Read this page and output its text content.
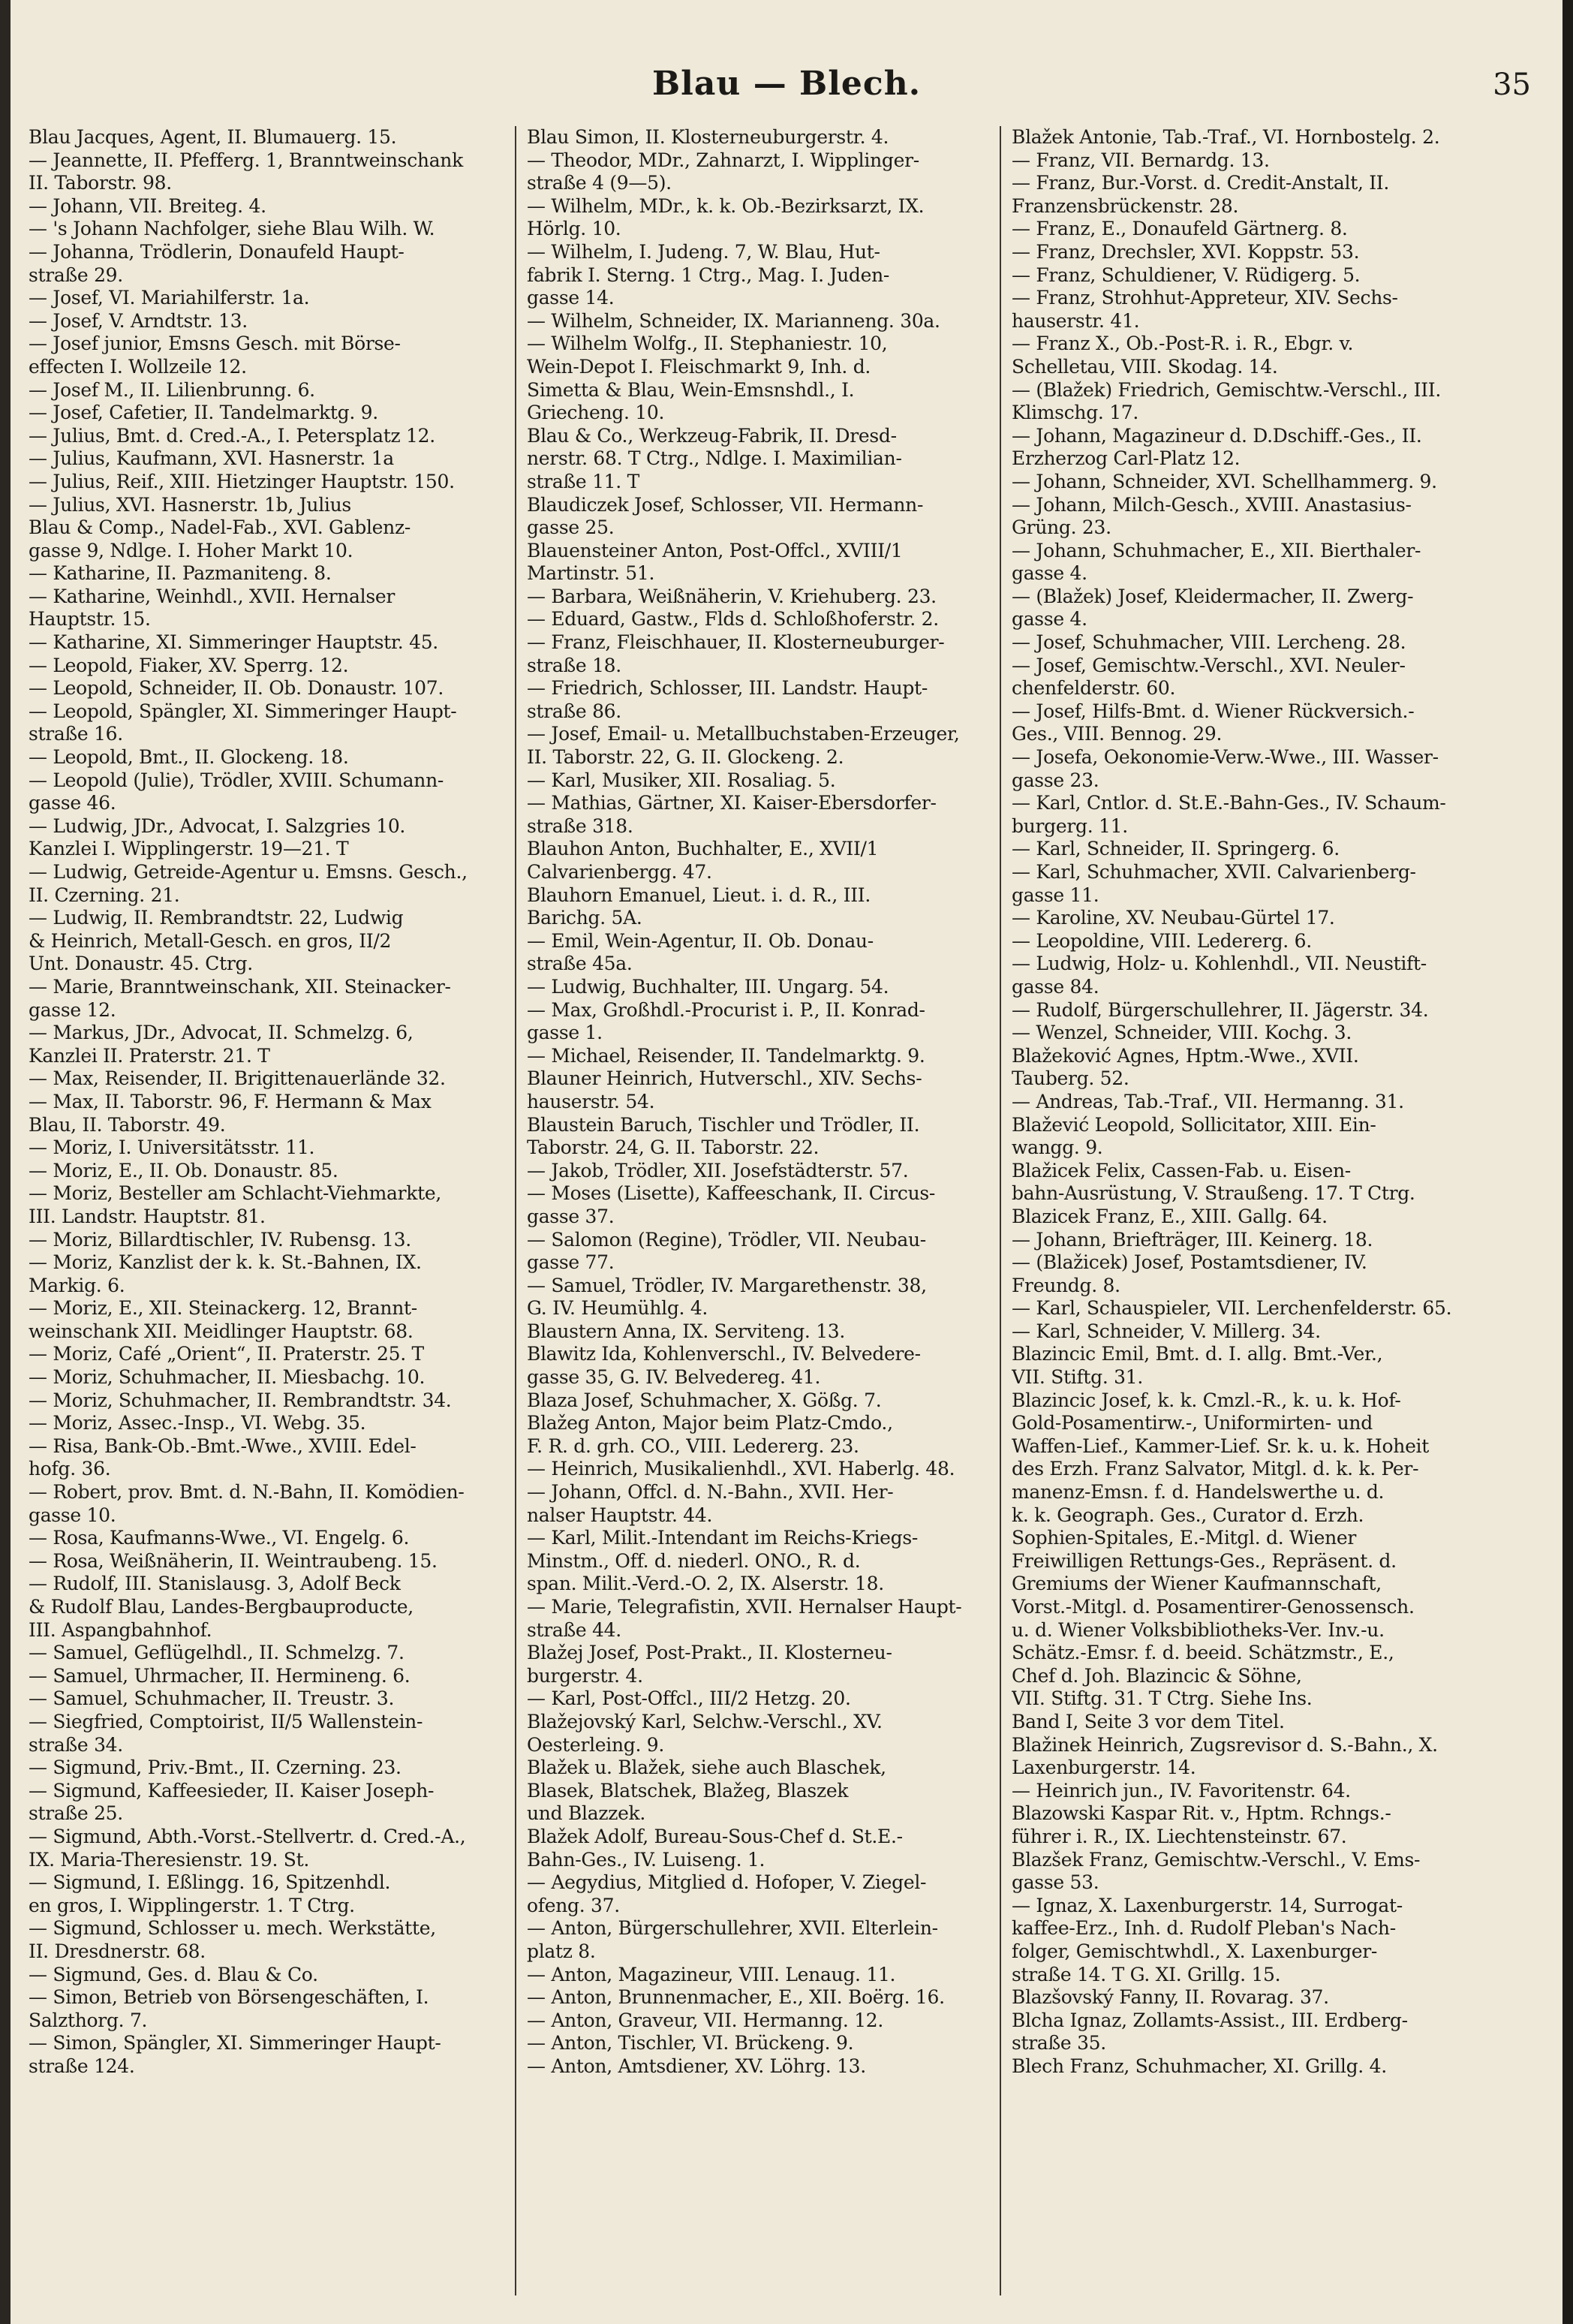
Blau — Blech.	35
Blau Jacques, Agent, II. Blumauerg. 15.
— Jeannette, II. Pfefferg. 1, Branntweinschank
II. Taborstr. 98.
— Johann, VII. Breiteg. 4.
— 's Johann Nachfolger, siehe Blau Wilh. W.
— Johanna, Trödlerin, Donaufeld Haupt-
straße 29.
— Josef, VI. Mariahilferstr. 1a.
— Josef, V. Arndtstr. 13.
— Josef junior, Emsns Gesch. mit Börse-
effecten I. Wollzeile 12.
— Josef M., II. Lilienbrunng. 6.
— Josef, Cafetier, II. Tandelmarktg. 9.
— Julius, Bmt. d. Cred.-A., I. Petersplatz 12.
— Julius, Kaufmann, XVI. Hasnerstr. 1a
— Julius, Reif., XIII. Hietzinger Hauptstr. 150.
— Julius, XVI. Hasnerstr. 1b, Julius
Blau & Comp., Nadel-Fab., XVI. Gablenz-
gasse 9, Ndlge. I. Hoher Markt 10.
— Katharine, II. Pazmaniteng. 8.
— Katharine, Weinhdl., XVII. Hernalser
Hauptstr. 15.
— Katharine, XI. Simmeringer Hauptstr. 45.
— Leopold, Fiaker, XV. Sperrg. 12.
— Leopold, Schneider, II. Ob. Donaustr. 107.
— Leopold, Spängler, XI. Simmeringer Haupt-
straße 16.
— Leopold, Bmt., II. Glockeng. 18.
— Leopold (Julie), Trödler, XVIII. Schumann-
gasse 46.
— Ludwig, JDr., Advocat, I. Salzgries 10.
Kanzlei I. Wipplingerstr. 19—21. T
— Ludwig, Getreide-Agentur u. Emsns. Gesch.,
II. Czerning. 21.
— Ludwig, II. Rembrandtstr. 22, Ludwig
& Heinrich, Metall-Gesch. en gros, II/2
Unt. Donaustr. 45. Ctrg.
— Marie, Branntweinschank, XII. Steinacker-
gasse 12.
— Markus, JDr., Advocat, II. Schmelzg. 6,
Kanzlei II. Praterstr. 21. T
— Max, Reisender, II. Brigittenauerlände 32.
— Max, II. Taborstr. 96, F. Hermann & Max
Blau, II. Taborstr. 49.
— Moriz, I. Universitätsstr. 11.
— Moriz, E., II. Ob. Donaustr. 85.
— Moriz, Besteller am Schlacht-Viehmarkte,
III. Landstr. Hauptstr. 81.
— Moriz, Billardtischler, IV. Rubensg. 13.
— Moriz, Kanzlist der k. k. St.-Bahnen, IX.
Markig. 6.
— Moriz, E., XII. Steinackerg. 12, Brannt-
weinschank XII. Meidlinger Hauptstr. 68.
— Moriz, Café „Orient“, II. Praterstr. 25. T
— Moriz, Schuhmacher, II. Miesbachg. 10.
— Moriz, Schuhmacher, II. Rembrandtstr. 34.
— Moriz, Assec.-Insp., VI. Webg. 35.
— Risa, Bank-Ob.-Bmt.-Wwe., XVIII. Edel-
hofg. 36.
— Robert, prov. Bmt. d. N.-Bahn, II. Komödien-
gasse 10.
— Rosa, Kaufmanns-Wwe., VI. Engelg. 6.
— Rosa, Weißnäherin, II. Weintraubeng. 15.
— Rudolf, III. Stanislausg. 3, Adolf Beck
& Rudolf Blau, Landes-Bergbauproducte,
III. Aspangbahnhof.
— Samuel, Geflügelhdl., II. Schmelzg. 7.
— Samuel, Uhrmacher, II. Hermineng. 6.
— Samuel, Schuhmacher, II. Treustr. 3.
— Siegfried, Comptoirist, II/5 Wallenstein-
straße 34.
— Sigmund, Priv.-Bmt., II. Czerning. 23.
— Sigmund, Kaffeesieder, II. Kaiser Joseph-
straße 25.
— Sigmund, Abth.-Vorst.-Stellvertr. d. Cred.-A.,
IX. Maria-Theresienstr. 19. St.
— Sigmund, I. Eßlingg. 16, Spitzenhdl.
en gros, I. Wipplingerstr. 1. T Ctrg.
— Sigmund, Schlosser u. mech. Werkstätte,
II. Dresdnerstr. 68.
— Sigmund, Ges. d. Blau & Co.
— Simon, Betrieb von Börsengeschäften, I.
Salzthorg. 7.
— Simon, Spängler, XI. Simmeringer Haupt-
straße 124.
Blau Simon, II. Klosterneuburgerstr. 4.
— Theodor, MDr., Zahnarzt, I. Wipplinger-
straße 4 (9—5).
— Wilhelm, MDr., k. k. Ob.-Bezirksarzt, IX.
Hörlg. 10.
— Wilhelm, I. Judeng. 7, W. Blau, Hut-
fabrik I. Sterng. 1 Ctrg., Mag. I. Juden-
gasse 14.
— Wilhelm, Schneider, IX. Marianneng. 30a.
— Wilhelm Wolfg., II. Stephaniestr. 10,
Wein-Depot I. Fleischmarkt 9, Inh. d.
Simetta & Blau, Wein-Emsnshdl., I.
Griecheng. 10.
Blau & Co., Werkzeug-Fabrik, II. Dresd-
nerstr. 68. T Ctrg., Ndlge. I. Maximilian-
straße 11. T
Blaudiczek Josef, Schlosser, VII. Hermann-
gasse 25.
Blauensteiner Anton, Post-Offcl., XVIII/1
Martinstr. 51.
— Barbara, Weißnäherin, V. Kriehuberg. 23.
— Eduard, Gastw., Flds d. Schloßhoferstr. 2.
— Franz, Fleischhauer, II. Klosterneuburger-
straße 18.
— Friedrich, Schlosser, III. Landstr. Haupt-
straße 86.
— Josef, Email- u. Metallbuchstaben-Erzeuger,
II. Taborstr. 22, G. II. Glockeng. 2.
— Karl, Musiker, XII. Rosaliag. 5.
— Mathias, Gärtner, XI. Kaiser-Ebersdorfer-
straße 318.
Blauhon Anton, Buchhalter, E., XVII/1
Calvarienbergg. 47.
Blauhorn Emanuel, Lieut. i. d. R., III.
Barichg. 5A.
— Emil, Wein-Agentur, II. Ob. Donau-
straße 45a.
— Ludwig, Buchhalter, III. Ungarg. 54.
— Max, Großhdl.-Procurist i. P., II. Konrad-
gasse 1.
— Michael, Reisender, II. Tandelmarktg. 9.
Blauner Heinrich, Hutverschl., XIV. Sechs-
hauserstr. 54.
Blaustein Baruch, Tischler und Trödler, II.
Taborstr. 24, G. II. Taborstr. 22.
— Jakob, Trödler, XII. Josefstädterstr. 57.
— Moses (Lisette), Kaffeeschank, II. Circus-
gasse 37.
— Salomon (Regine), Trödler, VII. Neubau-
gasse 77.
— Samuel, Trödler, IV. Margarethenstr. 38,
G. IV. Heumühlg. 4.
Blaustern Anna, IX. Serviteng. 13.
Blawitz Ida, Kohlenverschl., IV. Belvedere-
gasse 35, G. IV. Belvedereg. 41.
Blaza Josef, Schuhmacher, X. Gößg. 7.
Blažeg Anton, Major beim Platz-Cmdo.,
F. R. d. grh. CO., VIII. Ledererg. 23.
— Heinrich, Musikalienhdl., XVI. Haberlg. 48.
— Johann, Offcl. d. N.-Bahn., XVII. Her-
nalser Hauptstr. 44.
— Karl, Milit.-Intendant im Reichs-Kriegs-
Minstm., Off. d. niederl. ONO., R. d.
span. Milit.-Verd.-O. 2, IX. Alserstr. 18.
— Marie, Telegrafistin, XVII. Hernalser Haupt-
straße 44.
Blažej Josef, Post-Prakt., II. Klosterneu-
burgerstr. 4.
— Karl, Post-Offcl., III/2 Hetzg. 20.
Blažejovský Karl, Selchw.-Verschl., XV.
Oesterleing. 9.
Blažek u. Blažek, siehe auch Blaschek,
Blasek, Blatschek, Blažeg, Blaszek
und Blazzek.
Blažek Adolf, Bureau-Sous-Chef d. St.E.-
Bahn-Ges., IV. Luiseng. 1.
— Aegydius, Mitglied d. Hofoper, V. Ziegel-
ofeng. 37.
— Anton, Bürgerschullehrer, XVII. Elterlein-
platz 8.
— Anton, Magazineur, VIII. Lenaug. 11.
— Anton, Brunnenmacher, E., XII. Boërg. 16.
— Anton, Graveur, VII. Hermanng. 12.
— Anton, Tischler, VI. Brückeng. 9.
— Anton, Amtsdiener, XV. Löhrg. 13.
Blažek Antonie, Tab.-Traf., VI. Hornbostelg. 2.
— Franz, VII. Bernardg. 13.
— Franz, Bur.-Vorst. d. Credit-Anstalt, II.
Franzensbrückenstr. 28.
— Franz, E., Donaufeld Gärtnerg. 8.
— Franz, Drechsler, XVI. Koppstr. 53.
— Franz, Schuldiener, V. Rüdigerg. 5.
— Franz, Strohhut-Appreteur, XIV. Sechs-
hauserstr. 41.
— Franz X., Ob.-Post-R. i. R., Ebgr. v.
Schelletau, VIII. Skodag. 14.
— (Blažek) Friedrich, Gemischtw.-Verschl., III.
Klimschg. 17.
— Johann, Magazineur d. D.Dschiff.-Ges., II.
Erzherzog Carl-Platz 12.
— Johann, Schneider, XVI. Schellhammerg. 9.
— Johann, Milch-Gesch., XVIII. Anastasius-
Grüng. 23.
— Johann, Schuhmacher, E., XII. Bierthaler-
gasse 4.
— (Blažek) Josef, Kleidermacher, II. Zwerg-
gasse 4.
— Josef, Schuhmacher, VIII. Lercheng. 28.
— Josef, Gemischtw.-Verschl., XVI. Neuler-
chenfelderstr. 60.
— Josef, Hilfs-Bmt. d. Wiener Rückversich.-
Ges., VIII. Bennog. 29.
— Josefa, Oekonomie-Verw.-Wwe., III. Wasser-
gasse 23.
— Karl, Cntlor. d. St.E.-Bahn-Ges., IV. Schaum-
burgerg. 11.
— Karl, Schneider, II. Springerg. 6.
— Karl, Schuhmacher, XVII. Calvarienberg-
gasse 11.
— Karoline, XV. Neubau-Gürtel 17.
— Leopoldine, VIII. Ledererg. 6.
— Ludwig, Holz- u. Kohlenhdl., VII. Neustift-
gasse 84.
— Rudolf, Bürgerschullehrer, II. Jägerstr. 34.
— Wenzel, Schneider, VIII. Kochg. 3.
Blažeković Agnes, Hptm.-Wwe., XVII.
Tauberg. 52.
— Andreas, Tab.-Traf., VII. Hermanng. 31.
Blažević Leopold, Sollicitator, XIII. Ein-
wangg. 9.
Blažicek Felix, Cassen-Fab. u. Eisen-
bahn-Ausrüstung, V. Straußeng. 17. T Ctrg.
Blazicek Franz, E., XIII. Gallg. 64.
— Johann, Briefträger, III. Keinerg. 18.
— (Blažicek) Josef, Postamtsdiener, IV.
Freundg. 8.
— Karl, Schauspieler, VII. Lerchenfelderstr. 65.
— Karl, Schneider, V. Millerg. 34.
Blazincic Emil, Bmt. d. I. allg. Bmt.-Ver.,
VII. Stiftg. 31.
Blazincic Josef, k. k. Cmzl.-R., k. u. k. Hof-
Gold-Posamentirw.-, Uniformirten- und
Waffen-Lief., Kammer-Lief. Sr. k. u. k. Hoheit
des Erzh. Franz Salvator, Mitgl. d. k. k. Per-
manenz-Emsn. f. d. Handelswerthe u. d.
k. k. Geograph. Ges., Curator d. Erzh.
Sophien-Spitales, E.-Mitgl. d. Wiener
Freiwilligen Rettungs-Ges., Repräsent. d.
Gremiums der Wiener Kaufmannschaft,
Vorst.-Mitgl. d. Posamentirer-Genossensch.
u. d. Wiener Volksbibliotheks-Ver. Inv.-u.
Schätz.-Emsr. f. d. beeid. Schätzmstr., E.,
Chef d. Joh. Blazincic & Söhne,
VII. Stiftg. 31. T Ctrg. Siehe Ins.
Band I, Seite 3 vor dem Titel.
Blažinek Heinrich, Zugsrevisor d. S.-Bahn., X.
Laxenburgerstr. 14.
— Heinrich jun., IV. Favoritenstr. 64.
Blazowski Kaspar Rit. v., Hptm. Rchngs.-
führer i. R., IX. Liechtensteinstr. 67.
Blazšek Franz, Gemischtw.-Verschl., V. Ems-
gasse 53.
— Ignaz, X. Laxenburgerstr. 14, Surrogat-
kaffee-Erz., Inh. d. Rudolf Pleban's Nach-
folger, Gemischtwhdl., X. Laxenburger-
straße 14. T G. XI. Grillg. 15.
Blazšovský Fanny, II. Rovarag. 37.
Blcha Ignaz, Zollamts-Assist., III. Erdberg-
straße 35.
Blech Franz, Schuhmacher, XI. Grillg. 4.
